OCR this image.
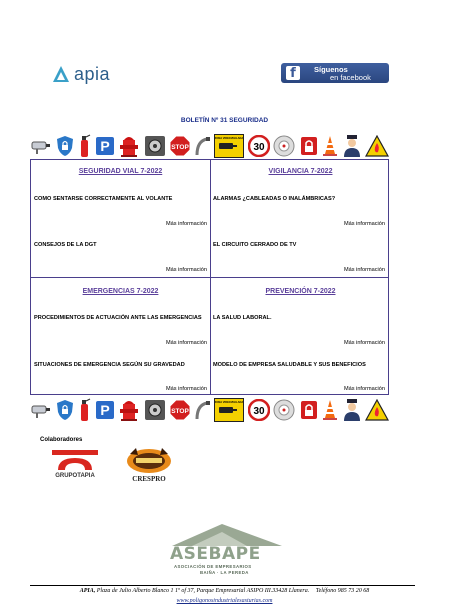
apia	f	Síguenos
en facebook
BOLETÍN Nº 31 SEGURIDAD
P	STOP
ZONA VIDEOVIGILADA
30
SEGURIDAD VIAL 7-2022
COMO SENTARSE CORRECTAMENTE AL VOLANTE
Más información
CONSEJOS DE LA DGT
Más información
VIGILANCIA 7-2022
ALARMAS ¿CABLEADAS O INALÁMBRICAS?
Más información
EL CIRCUITO CERRADO DE TV
Más información
EMERGENCIAS 7-2022
PROCEDIMIENTOS DE ACTUACIÓN ANTE LAS EMERGENCIAS
Más información
SITUACIONES DE EMERGENCIA SEGÚN SU GRAVEDAD
Más información
PREVENCIÓN 7-2022
LA SALUD LABORAL.
Más información
MODELO DE EMPRESA SALUDABLE Y SUS BENEFICIOS
Más información
P	STOP
ZONA VIDEOVIGILADA
30
Colaboradores
GRUPOTAPIA	CRESPRO
ASEBAPE
ASOCIACIÓN DE EMPRESARIOS
BAIÑA · LA PEREDA
APIA, Plaza de Julio Alberto Blanco 1 1º of 37, Parque Empresarial ASIPO III.33428 Llanera. Teléfono 985 73 20 68
www.poligonosindustrialesasturias.com
